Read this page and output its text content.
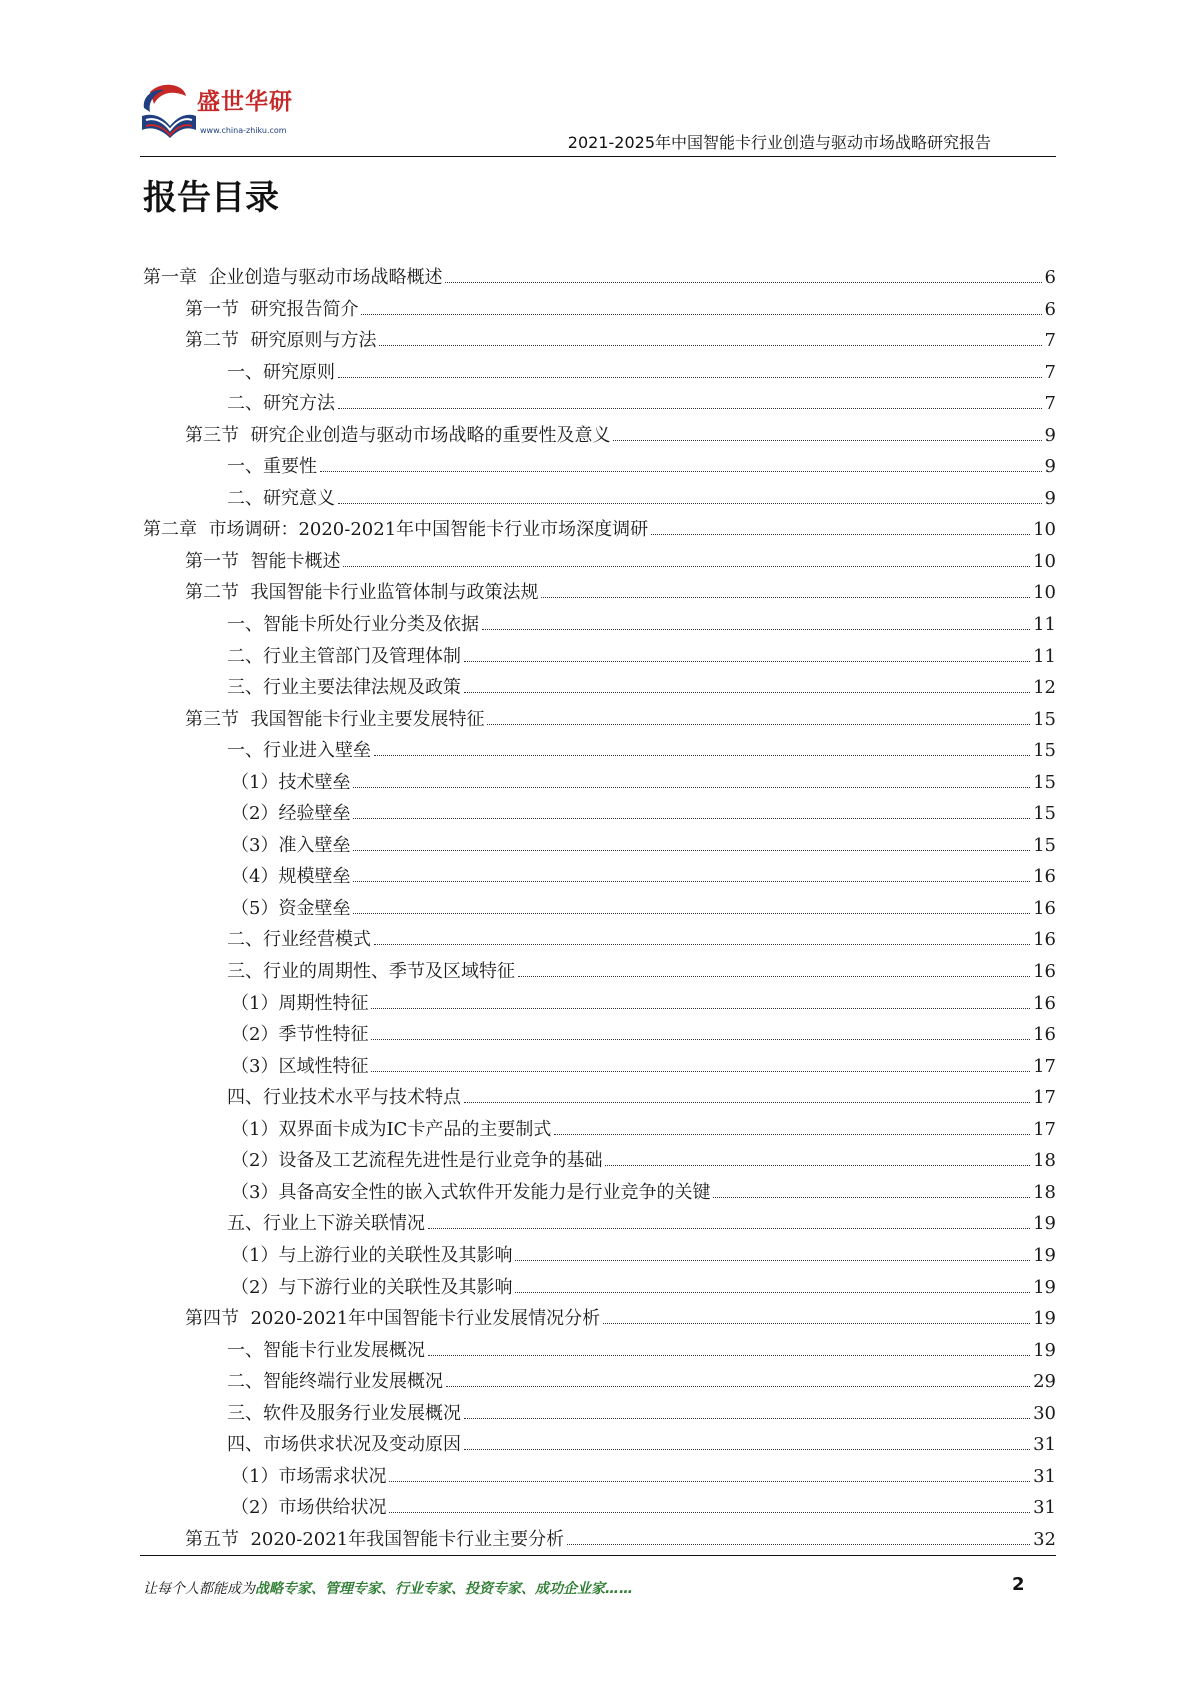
盛世华研
www.china-zhiku.com
2021-2025年中国智能卡行业创造与驱动市场战略研究报告
报告目录
第一章  企业创造与驱动市场战略概述	6
第一节  研究报告简介	6
第二节  研究原则与方法	7
一、研究原则	7
二、研究方法	7
第三节  研究企业创造与驱动市场战略的重要性及意义	9
一、重要性	9
二、研究意义	9
第二章  市场调研：2020-2021年中国智能卡行业市场深度调研	10
第一节  智能卡概述	10
第二节  我国智能卡行业监管体制与政策法规	10
一、智能卡所处行业分类及依据	11
二、行业主管部门及管理体制	11
三、行业主要法律法规及政策	12
第三节  我国智能卡行业主要发展特征	15
一、行业进入壁垒	15
（1）技术壁垒	15
（2）经验壁垒	15
（3）准入壁垒	15
（4）规模壁垒	16
（5）资金壁垒	16
二、行业经营模式	16
三、行业的周期性、季节及区域特征	16
（1）周期性特征	16
（2）季节性特征	16
（3）区域性特征	17
四、行业技术水平与技术特点	17
（1）双界面卡成为IC卡产品的主要制式	17
（2）设备及工艺流程先进性是行业竞争的基础	18
（3）具备高安全性的嵌入式软件开发能力是行业竞争的关键	18
五、行业上下游关联情况	19
（1）与上游行业的关联性及其影响	19
（2）与下游行业的关联性及其影响	19
第四节  2020-2021年中国智能卡行业发展情况分析	19
一、智能卡行业发展概况	19
二、智能终端行业发展概况	29
三、软件及服务行业发展概况	30
四、市场供求状况及变动原因	31
（1）市场需求状况	31
（2）市场供给状况	31
第五节  2020-2021年我国智能卡行业主要分析	32
让每个人都能成为战略专家、管理专家、行业专家、投资专家、成功企业家……	2
